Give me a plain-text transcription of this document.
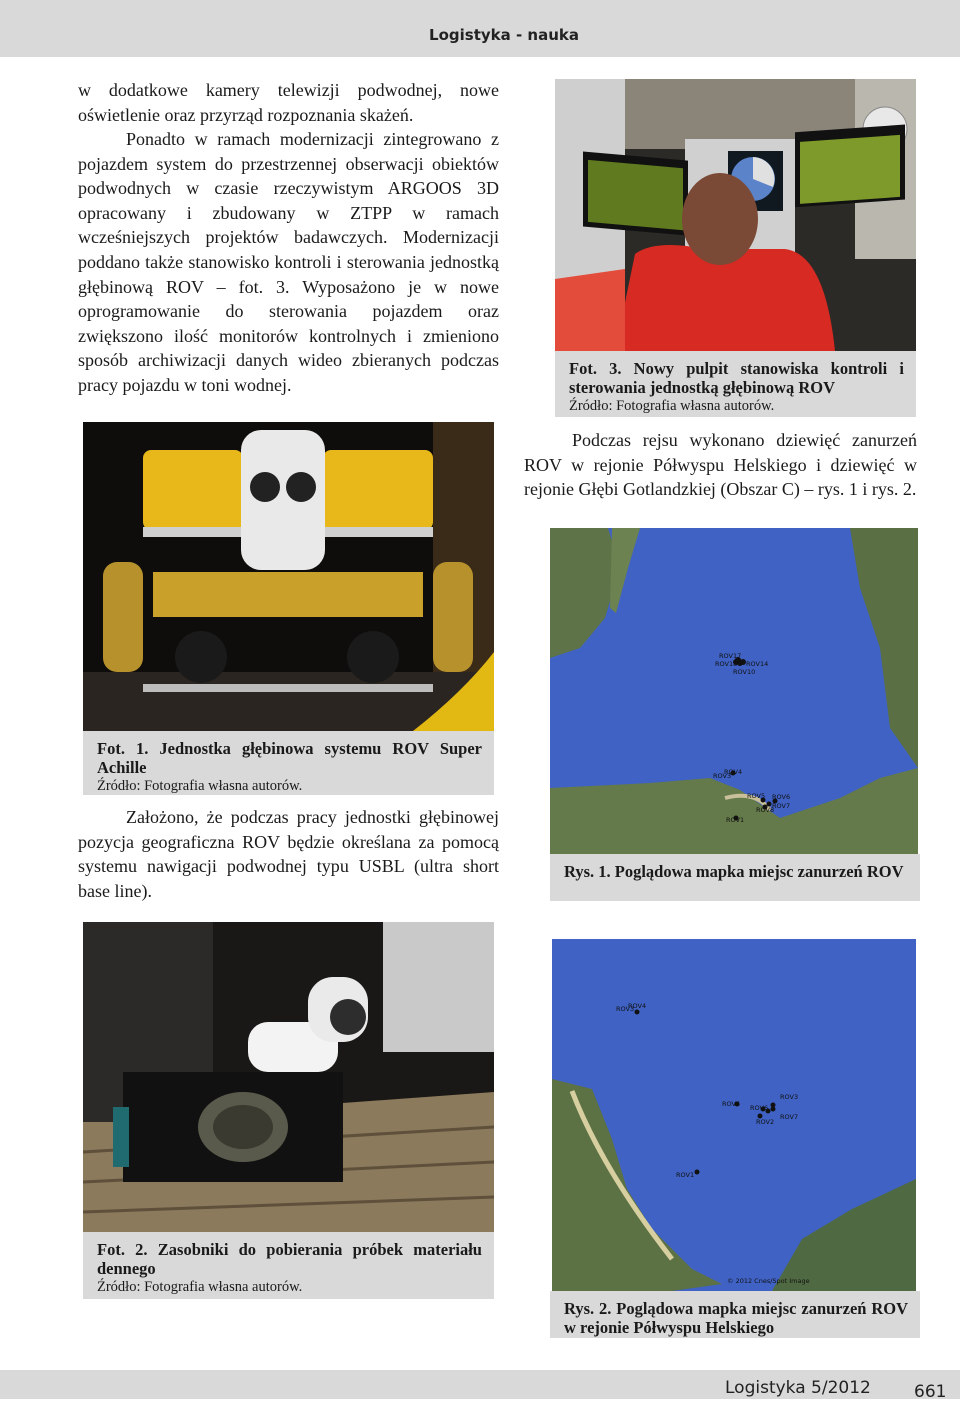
Logistyka - nauka

w dodatkowe kamery telewizji podwodnej, nowe oświetlenie oraz przyrząd rozpoznania skażeń.

Ponadto w ramach modernizacji zintegrowano z pojazdem system do przestrzennej obserwacji obiektów podwodnych w czasie rzeczywistym ARGOOS 3D opracowany i zbudowany w ZTPP w ramach wcześniejszych projektów badawczych. Modernizacji poddano także stanowisko kontroli i sterowania jednostką głębinową ROV – fot. 3. Wyposażono je w nowe oprogramowanie do sterowania pojazdem oraz zwiększono ilość monitorów kontrolnych i zmieniono sposób archiwizacji danych wideo zbieranych podczas pracy pojazdu w toni wodnej.

Fot. 3. Nowy pulpit stanowiska kontroli i sterowania jednostką głębinową ROV
Źródło: Fotografia własna autorów.

Podczas rejsu wykonano dziewięć zanurzeń ROV w rejonie Półwyspu Helskiego i dziewięć w rejonie Głębi Gotlandzkiej (Obszar C) – rys. 1 i rys. 2.

Fot. 1. Jednostka głębinowa systemu ROV Super Achille
Źródło: Fotografia własna autorów.
ROV17
ROV18 ROV14
ROV10
ROV4
ROV3
ROV5 ROV6
ROV7
ROV8
ROV1
Rys. 1. Poglądowa mapka miejsc zanurzeń ROV

Założono, że podczas pracy jednostki głębinowej pozycja geograficzna ROV będzie określana za pomocą systemu nawigacji podwodnej typu USBL (ultra short base line).

Fot. 2. Zasobniki do pobierania próbek materiału dennego
Źródło: Fotografia własna autorów.
ROV4
ROV3
ROV3
ROV5 ROV6
ROV7
ROV2
ROV1
© 2012 Cnes/Spot Image
Rys. 2. Poglądowa mapka miejsc zanurzeń ROV w rejonie Półwyspu Helskiego
Logistyka 5/2012	661
